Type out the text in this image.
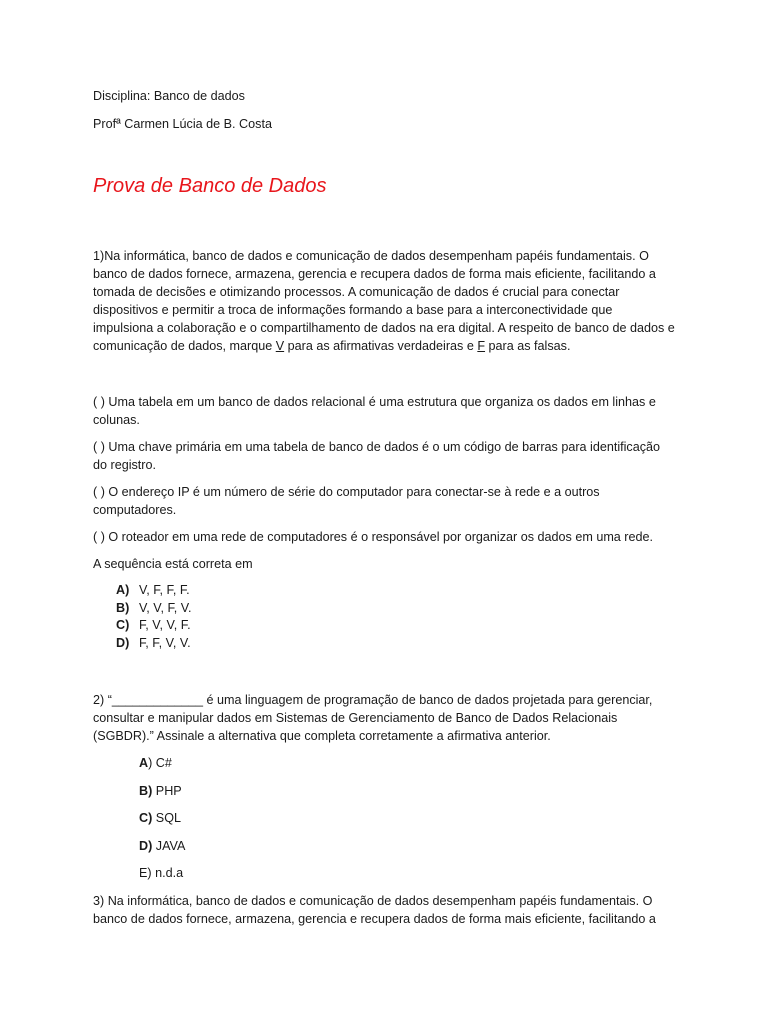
Disciplina: Banco de dados

Profª Carmen Lúcia de B. Costa

Prova de Banco de Dados

1)Na informática, banco de dados e comunicação de dados desempenham papéis fundamentais. O banco de dados fornece, armazena, gerencia e recupera dados de forma mais eficiente, facilitando a tomada de decisões e otimizando processos. A comunicação de dados é crucial para conectar dispositivos e permitir a troca de informações formando a base para a interconectividade que impulsiona a colaboração e o compartilhamento de dados na era digital. A respeito de banco de dados e comunicação de dados, marque V para as afirmativas verdadeiras e F para as falsas.

( ) Uma tabela em um banco de dados relacional é uma estrutura que organiza os dados em linhas e colunas.

( ) Uma chave primária em uma tabela de banco de dados é o um código de barras para identificação do registro.

( ) O endereço IP é um número de série do computador para conectar-se à rede e a outros computadores.

( ) O roteador em uma rede de computadores é o responsável por organizar os dados em uma rede.

A sequência está correta em

A) V, F, F, F.
B) V, V, F, V.
C) F, V, V, F.
D) F, F, V, V.

2) “_____________ é uma linguagem de programação de banco de dados projetada para gerenciar, consultar e manipular dados em Sistemas de Gerenciamento de Banco de Dados Relacionais (SGBDR).” Assinale a alternativa que completa corretamente a afirmativa anterior.

A) C#
B) PHP
C) SQL
D) JAVA
E) n.d.a

3) Na informática, banco de dados e comunicação de dados desempenham papéis fundamentais. O banco de dados fornece, armazena, gerencia e recupera dados de forma mais eficiente, facilitando a
